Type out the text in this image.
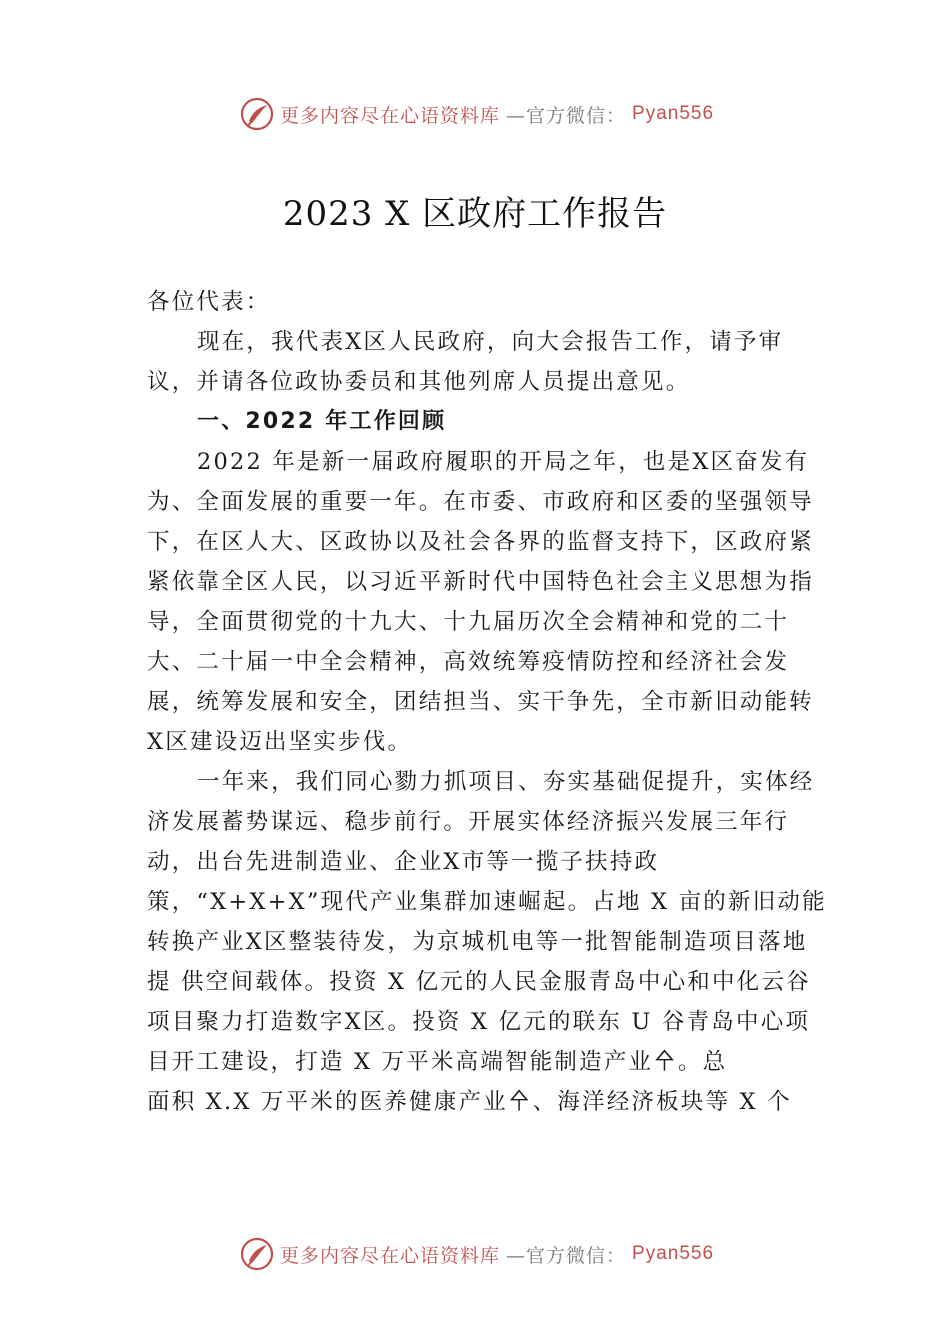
更多内容尽在心语资料库 —官方微信： Pyan556
2023 X 区政府工作报告

各位代表：

现在，我代表X区人民政府，向大会报告工作，请予审议，并请各位政协委员和其他列席人员提出意见。

一、2022 年工作回顾

2022 年是新一届政府履职的开局之年，也是X区奋发有为、全面发展的重要一年。在市委、市政府和区委的坚强领导下，在区人大、区政协以及社会各界的监督支持下，区政府紧紧依靠全区人民，以习近平新时代中国特色社会主义思想为指导，全面贯彻党的十九大、十九届历次全会精神和党的二十大、二十届一中全会精神，高效统筹疫情防控和经济社会发展，统筹发展和安全，团结担当、实干争先，全市新旧动能转X区建设迈出坚实步伐。

一年来，我们同心勠力抓项目、夯实基础促提升，实体经济发展蓄势谋远、稳步前行。开展实体经济振兴发展三年行动，出台先进制造业、企业X市等一揽子扶持政策，“X+X+X”现代产业集群加速崛起。占地 X 亩的新旧动能转换产业X区整装待发，为京城机电等一批智能制造项目落地提 供空间载体。投资 X 亿元的人民金服青岛中心和中化云谷项目聚力打造数字X区。投资 X 亿元的联东 U 谷青岛中心项目开工建设，打造 X 万平米高端智能制造产业㐃。总

面积 X.X 万平米的医养健康产业㐃、海洋经济板块等 X 个

更多内容尽在心语资料库 —官方微信： Pyan556
